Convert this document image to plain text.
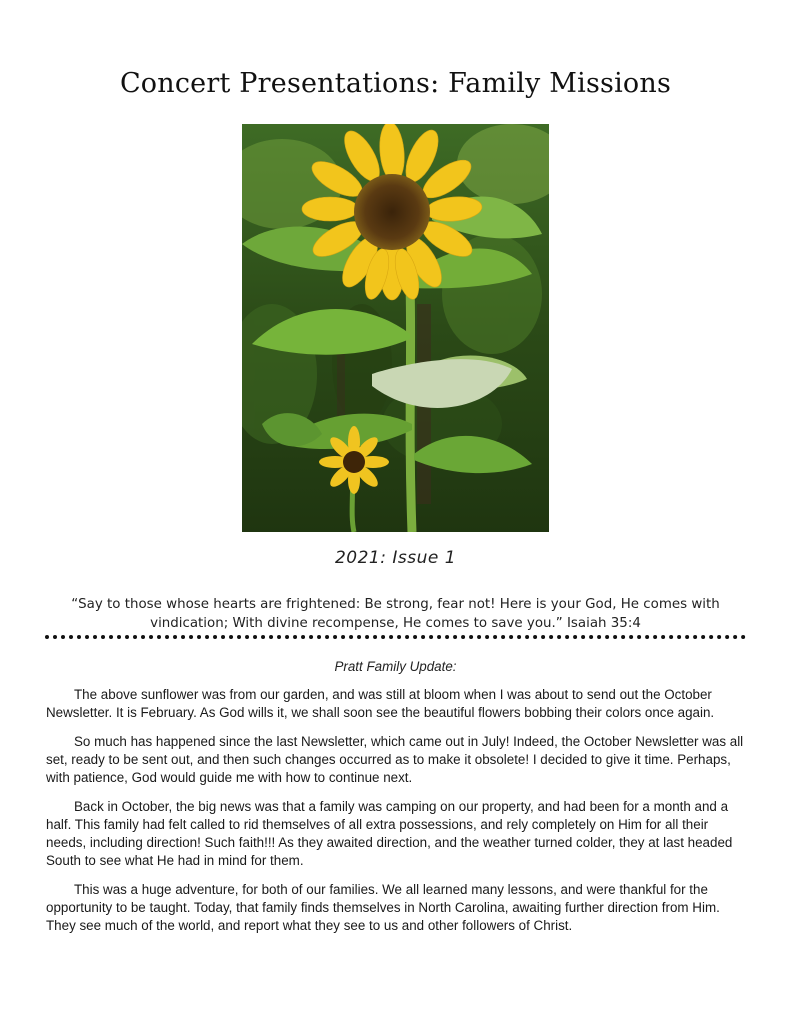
Concert Presentations: Family Missions
2021: Issue 1
“Say to those whose hearts are frightened: Be strong, fear not! Here is your God, He comes with vindication; With divine recompense, He comes to save you.” Isaiah 35:4
Pratt Family Update:

The above sunflower was from our garden, and was still at bloom when I was about to send out the October Newsletter. It is February. As God wills it, we shall soon see the beautiful flowers bobbing their colors once again.

So much has happened since the last Newsletter, which came out in July! Indeed, the October Newsletter was all set, ready to be sent out, and then such changes occurred as to make it obsolete! I decided to give it time. Perhaps, with patience, God would guide me with how to continue next.

Back in October, the big news was that a family was camping on our property, and had been for a month and a half. This family had felt called to rid themselves of all extra possessions, and rely completely on Him for all their needs, including direction! Such faith!!! As they awaited direction, and the weather turned colder, they at last headed South to see what He had in mind for them.

This was a huge adventure, for both of our families. We all learned many lessons, and were thankful for the opportunity to be taught. Today, that family finds themselves in North Carolina, awaiting further direction from Him. They see much of the world, and report what they see to us and other followers of Christ.
